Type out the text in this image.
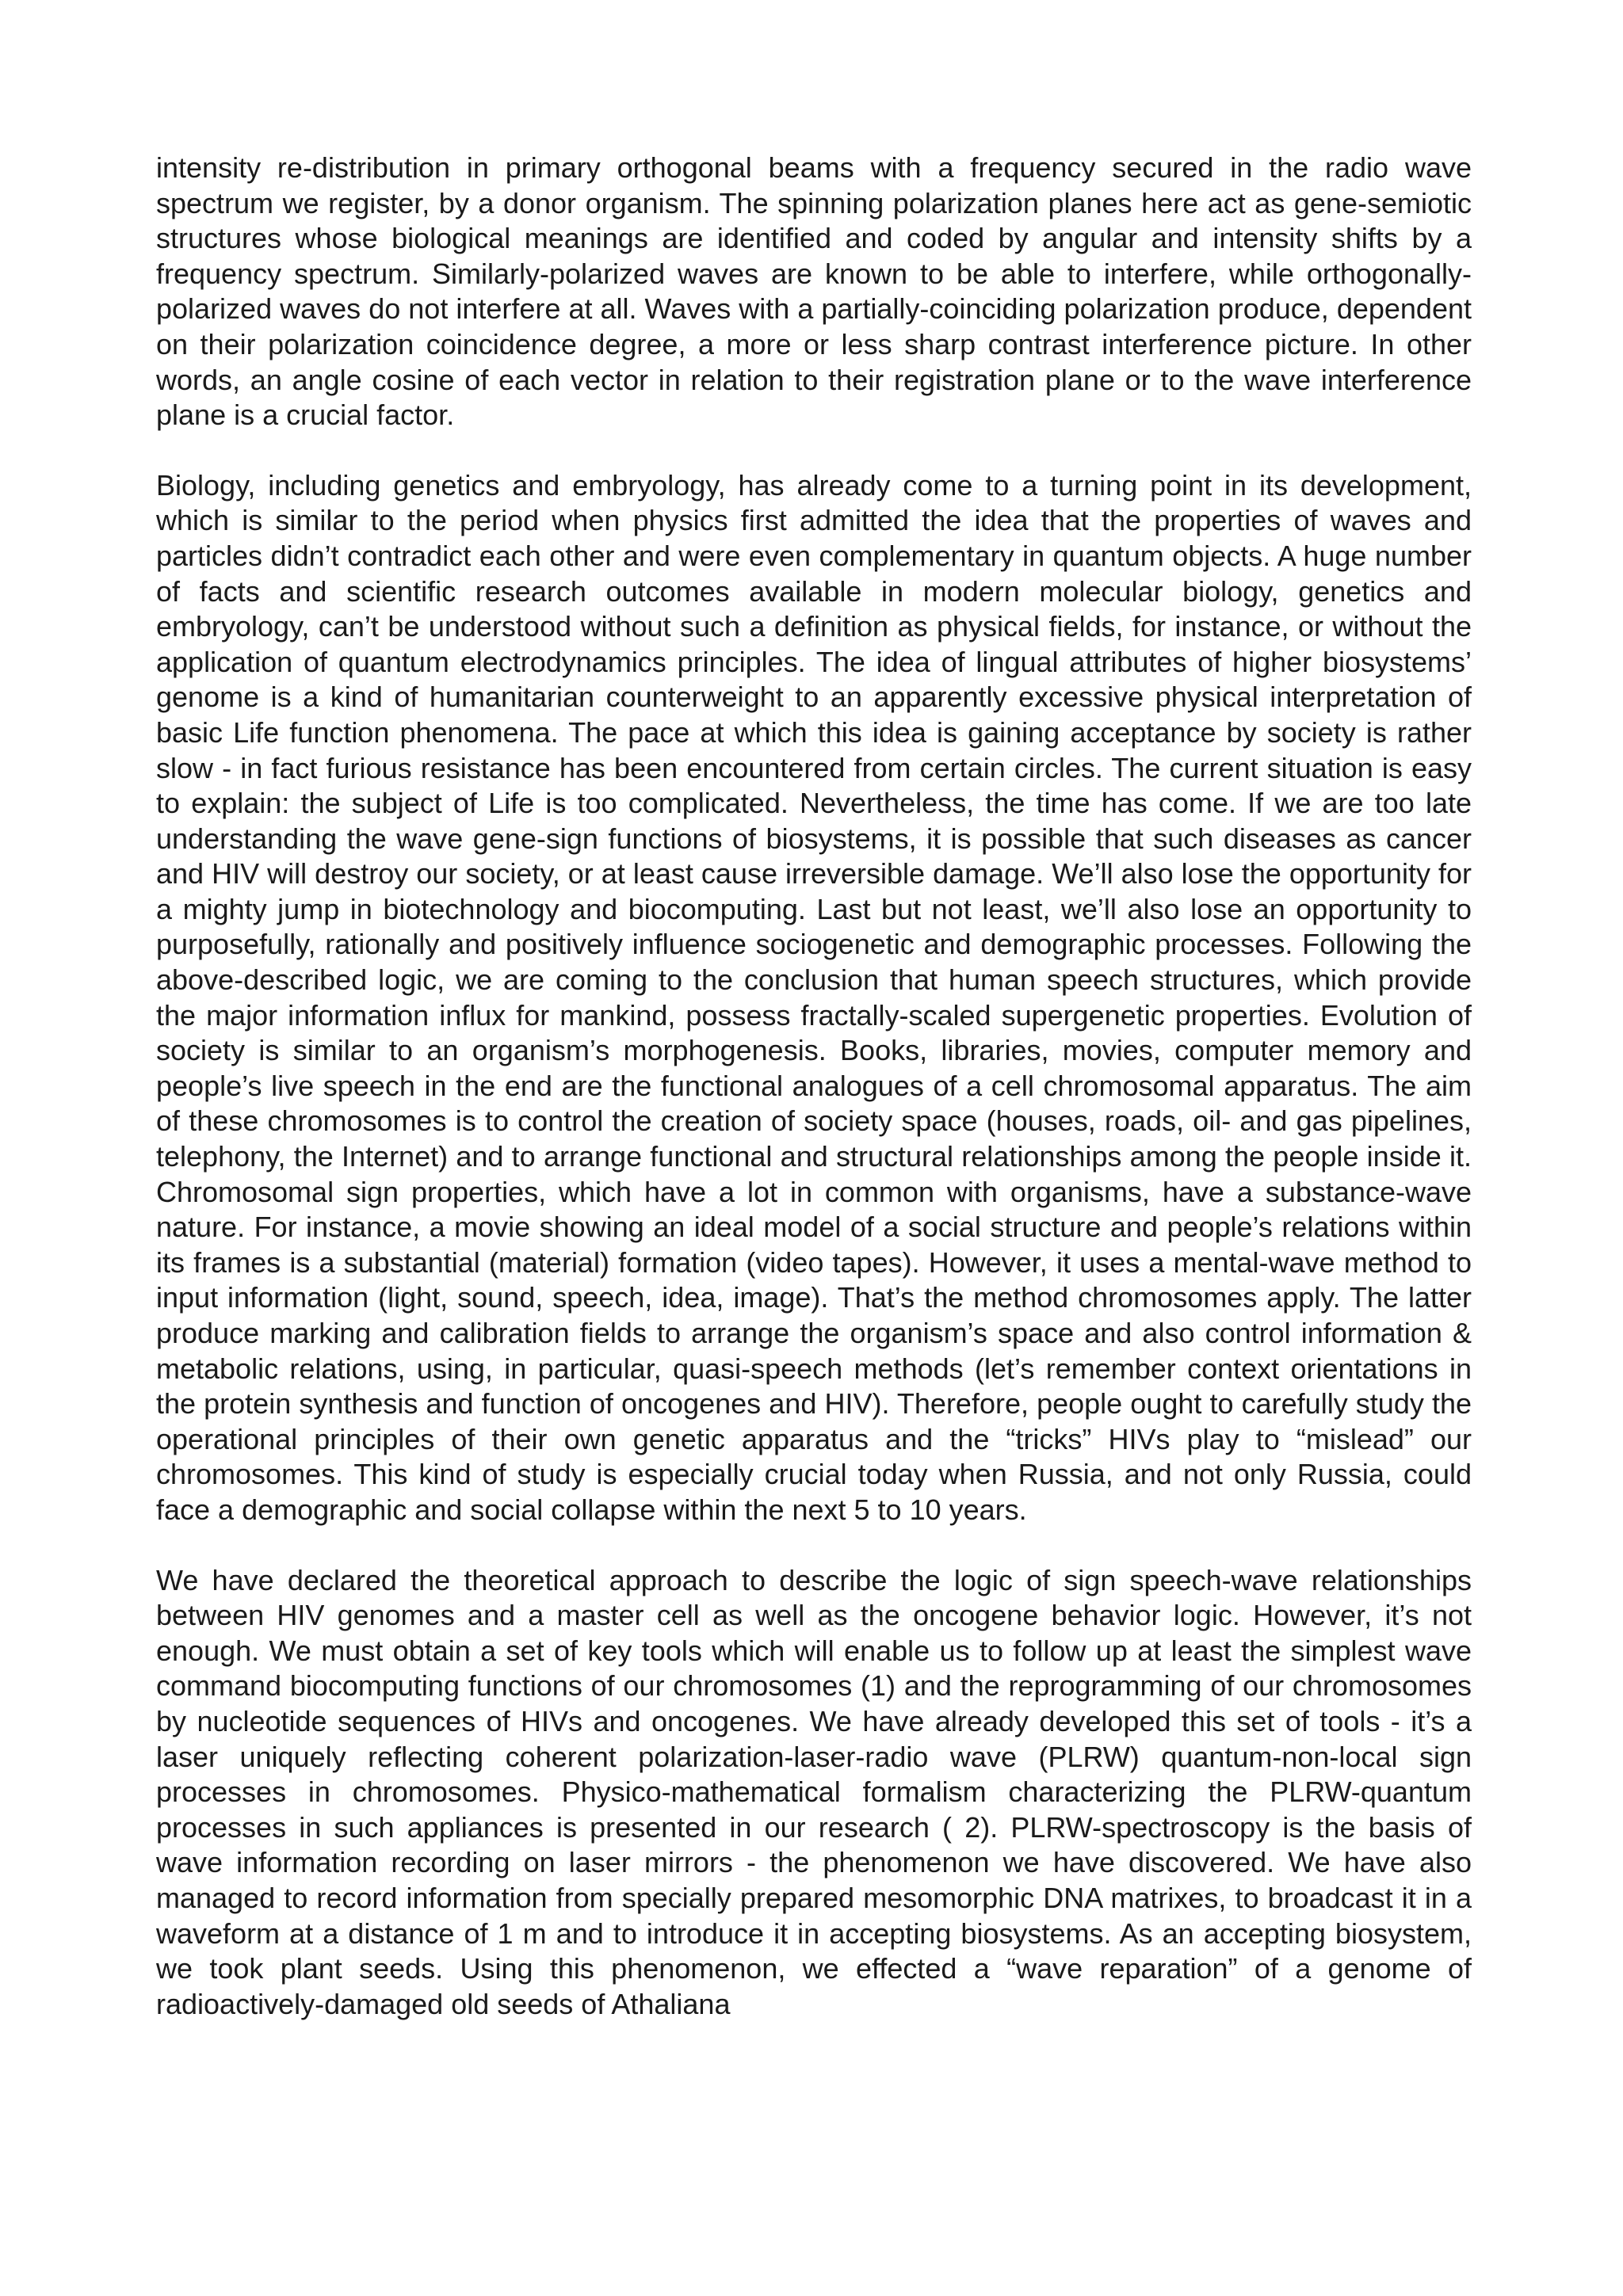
intensity re-distribution in primary orthogonal beams with a frequency secured in the radio wave spectrum we register, by a donor organism. The spinning polarization planes here act as gene-semiotic structures whose biological meanings are identified and coded by angular and intensity shifts by a frequency spectrum. Similarly-polarized waves are known to be able to interfere, while orthogonally-polarized waves do not interfere at all. Waves with a partially-coinciding polarization produce, dependent on their polarization coincidence degree, a more or less sharp contrast interference picture. In other words, an angle cosine of each vector in relation to their registration plane or to the wave interference plane is a crucial factor.

Biology, including genetics and embryology, has already come to a turning point in its development, which is similar to the period when physics first admitted the idea that the properties of waves and particles didn’t contradict each other and were even complementary in quantum objects. A huge number of facts and scientific research outcomes available in modern molecular biology, genetics and embryology, can’t be understood without such a definition as physical fields, for instance, or without the application of quantum electrodynamics principles. The idea of lingual attributes of higher biosystems’ genome is a kind of humanitarian counterweight to an apparently excessive physical interpretation of basic Life function phenomena. The pace at which this idea is gaining acceptance by society is rather slow - in fact furious resistance has been encountered from certain circles. The current situation is easy to explain: the subject of Life is too complicated. Nevertheless, the time has come. If we are too late understanding the wave gene-sign functions of biosystems, it is possible that such diseases as cancer and HIV will destroy our society, or at least cause irreversible damage. We’ll also lose the opportunity for a mighty jump in biotechnology and biocomputing. Last but not least, we’ll also lose an opportunity to purposefully, rationally and positively influence sociogenetic and demographic processes. Following the above-described logic, we are coming to the conclusion that human speech structures, which provide the major information influx for mankind, possess fractally-scaled supergenetic properties. Evolution of society is similar to an organism’s morphogenesis. Books, libraries, movies, computer memory and people’s live speech in the end are the functional analogues of a cell chromosomal apparatus. The aim of these chromosomes is to control the creation of society space (houses, roads, oil- and gas pipelines, telephony, the Internet) and to arrange functional and structural relationships among the people inside it. Chromosomal sign properties, which have a lot in common with organisms, have a substance-wave nature. For instance, a movie showing an ideal model of a social structure and people’s relations within its frames is a substantial (material) formation (video tapes). However, it uses a mental-wave method to input information (light, sound, speech, idea, image). That’s the method chromosomes apply. The latter produce marking and calibration fields to arrange the organism’s space and also control information & metabolic relations, using, in particular, quasi-speech methods (let’s remember context orientations in the protein synthesis and function of oncogenes and HIV). Therefore, people ought to carefully study the operational principles of their own genetic apparatus and the “tricks” HIVs play to “mislead” our chromosomes. This kind of study is especially crucial today when Russia, and not only Russia, could face a demographic and social collapse within the next 5 to 10 years.

We have declared the theoretical approach to describe the logic of sign speech-wave relationships between HIV genomes and a master cell as well as the oncogene behavior logic. However, it’s not enough. We must obtain a set of key tools which will enable us to follow up at least the simplest wave command biocomputing functions of our chromosomes (1) and the reprogramming of our chromosomes by nucleotide sequences of HIVs and oncogenes. We have already developed this set of tools - it’s a laser uniquely reflecting coherent polarization-laser-radio wave (PLRW) quantum-non-local sign processes in chromosomes. Physico-mathematical formalism characterizing the PLRW-quantum processes in such appliances is presented in our research ( 2). PLRW-spectroscopy is the basis of wave information recording on laser mirrors - the phenomenon we have discovered. We have also managed to record information from specially prepared mesomorphic DNA matrixes, to broadcast it in a waveform at a distance of 1 m and to introduce it in accepting biosystems. As an accepting biosystem, we took plant seeds. Using this phenomenon, we effected a “wave reparation” of a genome of radioactively-damaged old seeds of Athaliana
